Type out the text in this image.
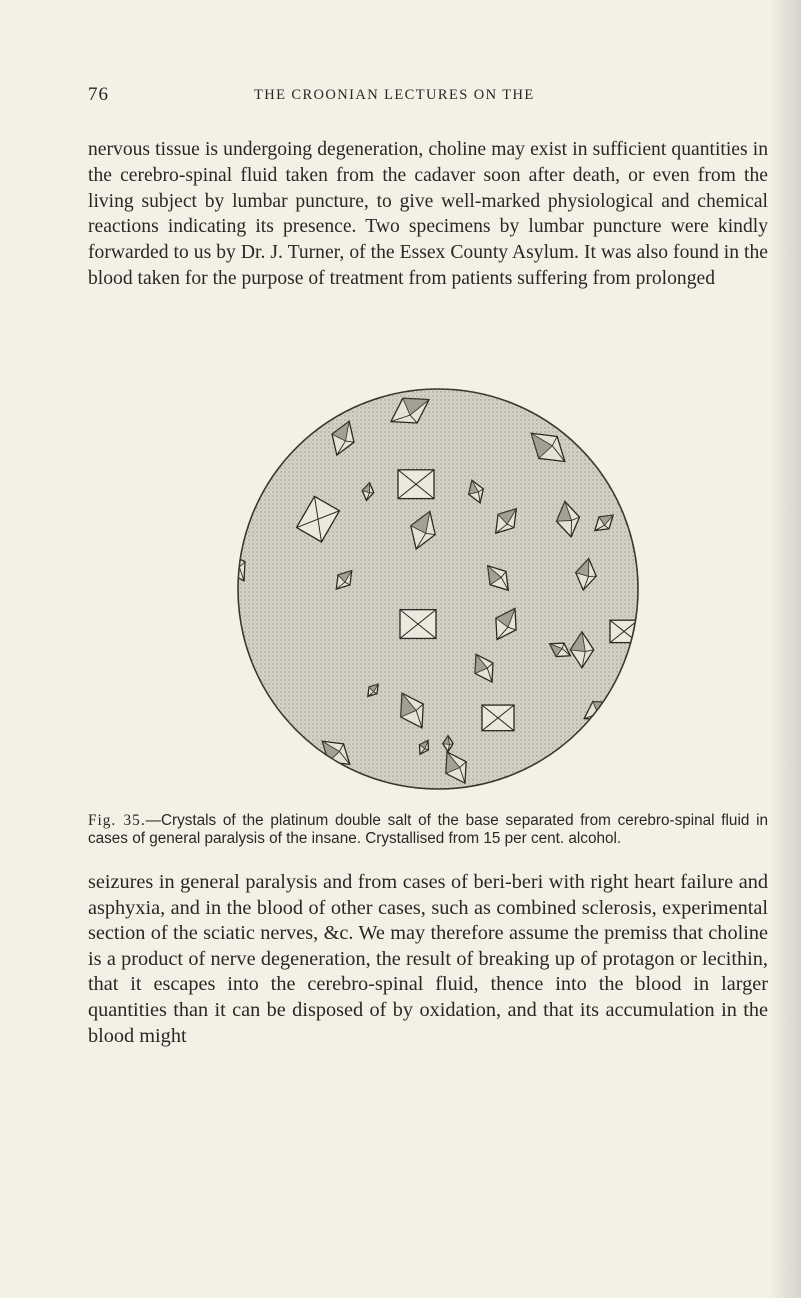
76	THE CROONIAN LECTURES ON THE

nervous tissue is undergoing degeneration, choline may exist in sufficient quantities in the cerebro-spinal fluid taken from the cadaver soon after death, or even from the living subject by lumbar puncture, to give well-marked physiological and chemical reactions indicating its presence. Two specimens by lumbar puncture were kindly forwarded to us by Dr. J. Turner, of the Essex County Asylum. It was also found in the blood taken for the purpose of treatment from patients suffering from prolonged

Fig. 35.—Crystals of the platinum double salt of the base separated from cerebro-spinal fluid in cases of general paralysis of the insane. Crystallised from 15 per cent. alcohol.

seizures in general paralysis and from cases of beri-beri with right heart failure and asphyxia, and in the blood of other cases, such as combined sclerosis, experimental section of the sciatic nerves, &c. We may therefore assume the premiss that choline is a product of nerve degeneration, the result of breaking up of protagon or lecithin, that it escapes into the cerebro-spinal fluid, thence into the blood in larger quantities than it can be disposed of by oxidation, and that its accumulation in the blood might
